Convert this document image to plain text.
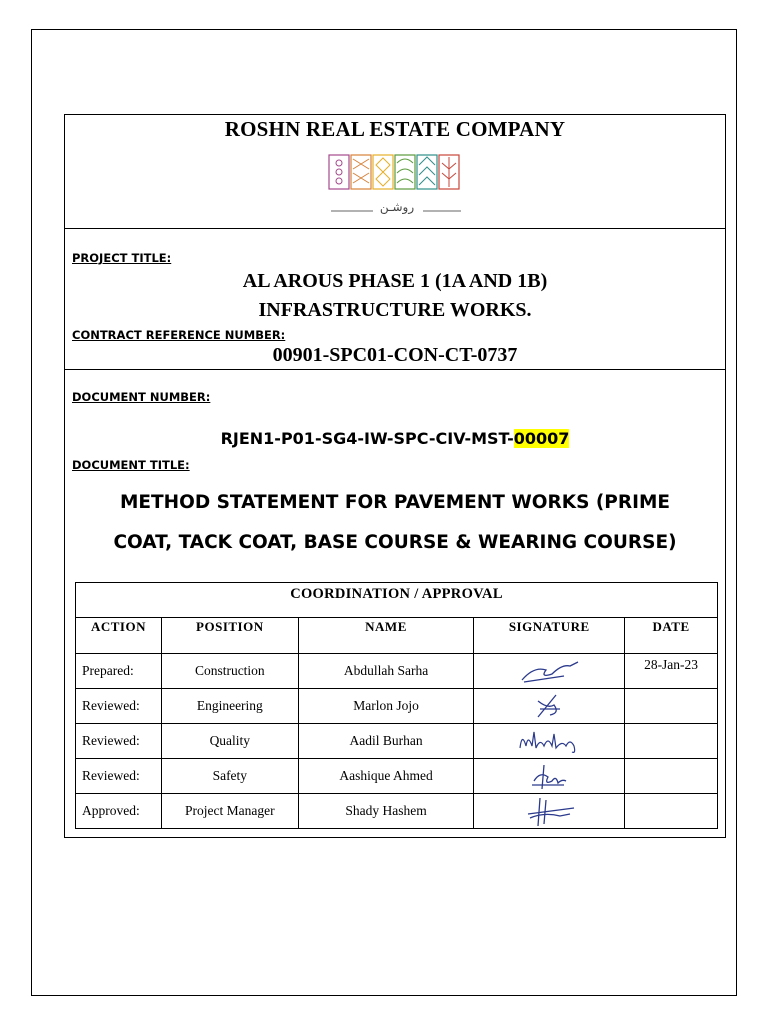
ROSHN REAL ESTATE COMPANY
روشـن
PROJECT TITLE:
AL AROUS PHASE 1 (1A AND 1B)
INFRASTRUCTURE WORKS.
CONTRACT REFERENCE NUMBER:
00901-SPC01-CON-CT-0737
DOCUMENT NUMBER:
RJEN1-P01-SG4-IW-SPC-CIV-MST-00007
DOCUMENT TITLE:
METHOD STATEMENT FOR PAVEMENT WORKS (PRIME
COAT, TACK COAT, BASE COURSE & WEARING COURSE)
COORDINATION / APPROVAL				
ACTION	POSITION	NAME	SIGNATURE	DATE
Prepared:	Construction	Abdullah Sarha		28-Jan-23
Reviewed:	Engineering	Marlon Jojo	

Reviewed:	Quality	Aadil Burhan	

Reviewed:	Safety	Aashique Ahmed	

Approved:	Project Manager	Shady Hashem	
